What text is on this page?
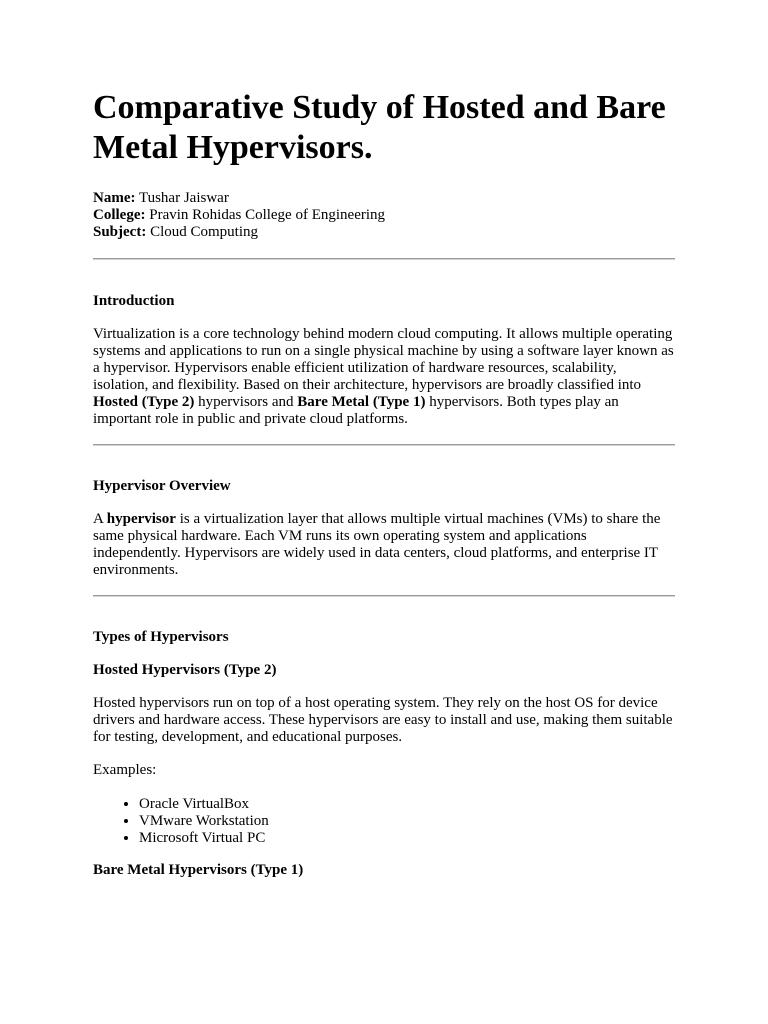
Comparative Study of Hosted and Bare Metal Hypervisors.
Name: Tushar Jaiswar
College: Pravin Rohidas College of Engineering
Subject: Cloud Computing
Introduction

Virtualization is a core technology behind modern cloud computing. It allows multiple operating systems and applications to run on a single physical machine by using a software layer known as a hypervisor. Hypervisors enable efficient utilization of hardware resources, scalability, isolation, and flexibility. Based on their architecture, hypervisors are broadly classified into Hosted (Type 2) hypervisors and Bare Metal (Type 1) hypervisors. Both types play an important role in public and private cloud platforms.

Hypervisor Overview

A hypervisor is a virtualization layer that allows multiple virtual machines (VMs) to share the same physical hardware. Each VM runs its own operating system and applications independently. Hypervisors are widely used in data centers, cloud platforms, and enterprise IT environments.

Types of Hypervisors
Hosted Hypervisors (Type 2)

Hosted hypervisors run on top of a host operating system. They rely on the host OS for device drivers and hardware access. These hypervisors are easy to install and use, making them suitable for testing, development, and educational purposes.

Examples:

• Oracle VirtualBox
• VMware Workstation
• Microsoft Virtual PC
Bare Metal Hypervisors (Type 1)
